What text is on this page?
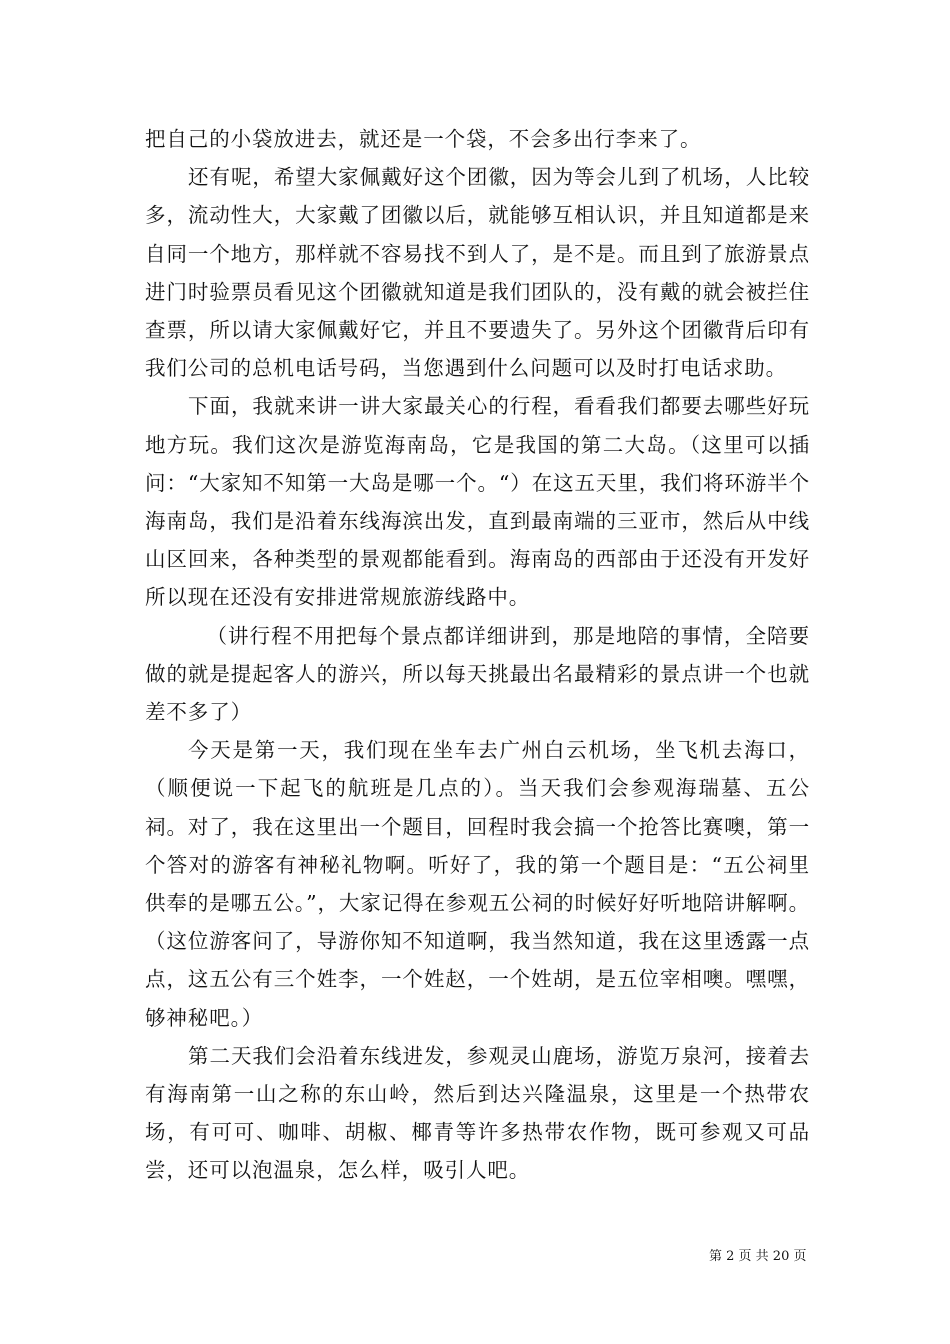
把自己的小袋放进去，就还是一个袋，不会多出行李来了。

还有呢，希望大家佩戴好这个团徽，因为等会儿到了机场，人比较多，流动性大，大家戴了团徽以后，就能够互相认识，并且知道都是来自同一个地方，那样就不容易找不到人了，是不是。而且到了旅游景点进门时验票员看见这个团徽就知道是我们团队的，没有戴的就会被拦住查票，所以请大家佩戴好它，并且不要遗失了。另外这个团徽背后印有我们公司的总机电话号码，当您遇到什么问题可以及时打电话求助。

下面，我就来讲一讲大家最关心的行程，看看我们都要去哪些好玩地方玩。我们这次是游览海南岛，它是我国的第二大岛。（这里可以插问：“大家知不知第一大岛是哪一个。“）在这五天里，我们将环游半个海南岛，我们是沿着东线海滨出发，直到最南端的三亚市，然后从中线山区回来，各种类型的景观都能看到。海南岛的西部由于还没有开发好所以现在还没有安排进常规旅游线路中。

（讲行程不用把每个景点都详细讲到，那是地陪的事情，全陪要做的就是提起客人的游兴，所以每天挑最出名最精彩的景点讲一个也就差不多了）

今天是第一天，我们现在坐车去广州白云机场，坐飞机去海口，（顺便说一下起飞的航班是几点的）。当天我们会参观海瑞墓、五公祠。对了，我在这里出一个题目，回程时我会搞一个抢答比赛噢，第一个答对的游客有神秘礼物啊。听好了，我的第一个题目是：“五公祠里供奉的是哪五公。”，大家记得在参观五公祠的时候好好听地陪讲解啊。（这位游客问了，导游你知不知道啊，我当然知道，我在这里透露一点点，这五公有三个姓李，一个姓赵，一个姓胡，是五位宰相噢。嘿嘿，够神秘吧。）

第二天我们会沿着东线进发，参观灵山鹿场，游览万泉河，接着去有海南第一山之称的东山岭，然后到达兴隆温泉，这里是一个热带农场，有可可、咖啡、胡椒、椰青等许多热带农作物，既可参观又可品尝，还可以泡温泉，怎么样，吸引人吧。

第 2 页 共 20 页
